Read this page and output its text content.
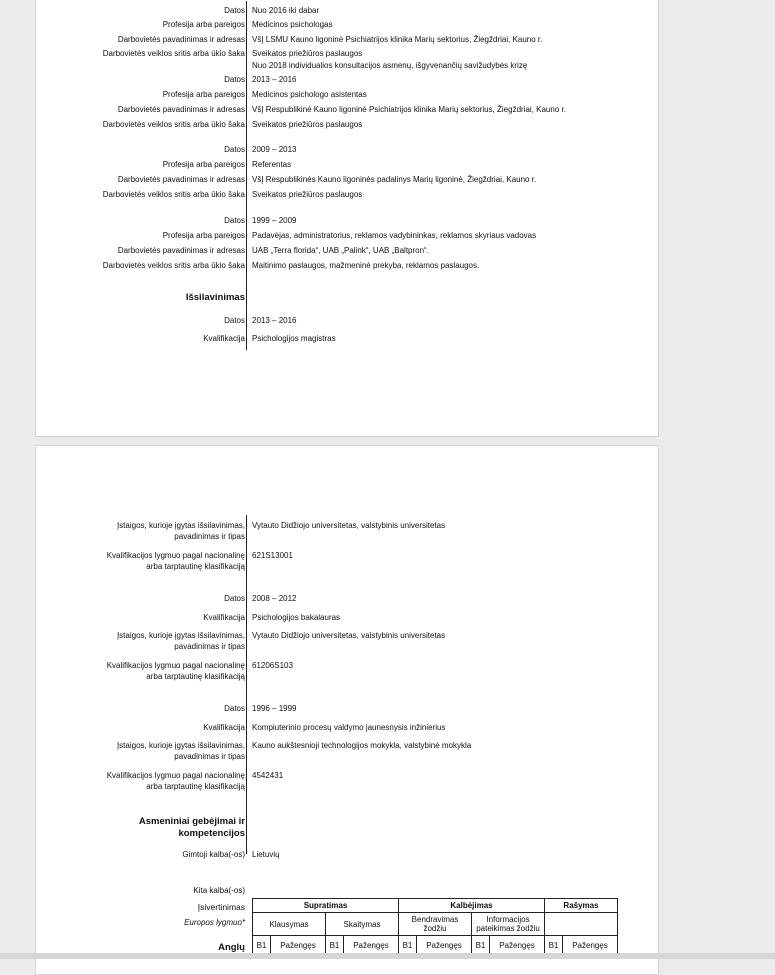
Datos Nuo 2016 iki dabar
Profesija arba pareigos Medicinos psichologas
Darbovietės pavadinimas ir adresas VšĮ LSMU Kauno ligoninė Psichiatrijos klinika Marių sektorius, Žiegždriai, Kauno r.
Darbovietės veiklos sritis arba ūkio šaka Sveikatos priežiūros paslaugos
Nuo 2018 individualios konsultacijos asmenų, išgyvenančių savižudybės krizę
Datos 2013 – 2016
Profesija arba pareigos Medicinos psichologo asistentas
Darbovietės pavadinimas ir adresas VšĮ Respublikinė Kauno ligoninė Psichiatrijos klinika Marių sektorius, Žiegždriai, Kauno r.
Darbovietės veiklos sritis arba ūkio šaka Sveikatos priežiūros paslaugos
Datos 2009 – 2013
Profesija arba pareigos Referentas
Darbovietės pavadinimas ir adresas VšĮ Respublikinės Kauno ligoninės padalinys Marių ligoninė, Žiegždriai, Kauno r.
Darbovietės veiklos sritis arba ūkio šaka Sveikatos priežiūros paslaugos
Datos 1999 – 2009
Profesija arba pareigos Padavėjas, administratorius, reklamos vadybininkas, reklamos skyriaus vadovas
Darbovietės pavadinimas ir adresas UAB „Terra florida“, UAB „Palink“, UAB „Baltpron“.
Darbovietės veiklos sritis arba ūkio šaka Maitinimo paslaugos, mažmeninė prekyba, reklamos paslaugos.
Išsilavinimas
Datos 2013 – 2016
Kvalifikacija Psichologijos magistras
Įstaigos, kurioje įgytas išsilavinimas,
pavadinimas ir tipas
Vytauto Didžiojo universitetas, valstybinis universitetas
Kvalifikacijos lygmuo pagal nacionalinę
arba tarptautinę klasifikaciją
621S13001
Datos 2008 – 2012
Kvalifikacija Psichologijos bakalauras
Įstaigos, kurioje įgytas išsilavinimas,
pavadinimas ir tipas
Vytauto Didžiojo universitetas, valstybinis universitetas
Kvalifikacijos lygmuo pagal nacionalinę
arba tarptautinę klasifikaciją
61206S103
Datos 1996 – 1999
Kvalifikacija Kompiuterinio procesų valdymo jaunesnysis inžinierius
Įstaigos, kurioje įgytas išsilavinimas,
pavadinimas ir tipas
Kauno aukštesnioji technologijos mokykla, valstybinė mokykla
Kvalifikacijos lygmuo pagal nacionalinę
arba tarptautinę klasifikaciją
4542431
Asmeniniai gebėjimai ir
kompetencijos
Gimtoji kalba(-os) Lietuvių
Kita kalba(-os)
Įsivertinimas
Europos lygmuo*
Anglų
Supratimas				Kalbėjimas				Rašymas	
Klausymas		Skaitymas		Bendravimas žodžiu		Informacijos pateikimas žodžiu			
B1	Pažengęs	B1	Pažengęs	B1	Pažengęs	B1	Pažengęs	B1	Pažengęs
